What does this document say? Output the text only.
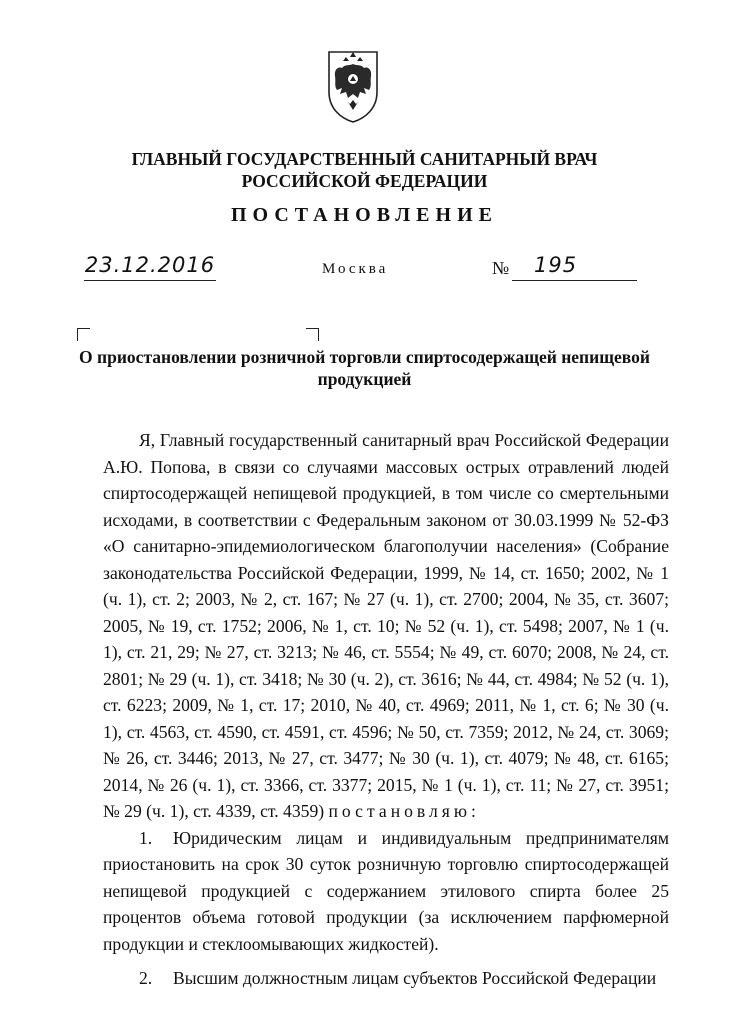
ГЛАВНЫЙ ГОСУДАРСТВЕННЫЙ САНИТАРНЫЙ ВРАЧ
РОССИЙСКОЙ ФЕДЕРАЦИИ
ПОСТАНОВЛЕНИЕ
23.12.2016	Москва	№	195
О приостановлении розничной торговли спиртосодержащей непищевой
продукцией

Я, Главный государственный санитарный врач Российской Федерации А.Ю. Попова, в связи со случаями массовых острых отравлений людей спиртосодержащей непищевой продукцией, в том числе со смертельными исходами, в соответствии с Федеральным законом от 30.03.1999 № 52-ФЗ «О санитарно-эпидемиологическом благополучии населения» (Собрание законодательства Российской Федерации, 1999, № 14, ст. 1650; 2002, № 1 (ч. 1), ст. 2; 2003, № 2, ст. 167; № 27 (ч. 1), ст. 2700; 2004, № 35, ст. 3607; 2005, № 19, ст. 1752; 2006, № 1, ст. 10; № 52 (ч. 1), ст. 5498; 2007, № 1 (ч. 1), ст. 21, 29; № 27, ст. 3213; № 46, ст. 5554; № 49, ст. 6070; 2008, № 24, ст. 2801; № 29 (ч. 1), ст. 3418; № 30 (ч. 2), ст. 3616; № 44, ст. 4984; № 52 (ч. 1), ст. 6223; 2009, № 1, ст. 17; 2010, № 40, ст. 4969; 2011, № 1, ст. 6; № 30 (ч. 1), ст. 4563, ст. 4590, ст. 4591, ст. 4596; № 50, ст. 7359; 2012, № 24, ст. 3069; № 26, ст. 3446; 2013, № 27, ст. 3477; № 30 (ч. 1), ст. 4079; № 48, ст. 6165; 2014, № 26 (ч. 1), ст. 3366, ст. 3377; 2015, № 1 (ч. 1), ст. 11; № 27, ст. 3951; № 29 (ч. 1), ст. 4339, ст. 4359) постановляю:

1. Юридическим лицам и индивидуальным предпринимателям приостановить на срок 30 суток розничную торговлю спиртосодержащей непищевой продукцией с содержанием этилового спирта более 25 процентов объема готовой продукции (за исключением парфюмерной продукции и стеклоомывающих жидкостей).

2. Высшим должностным лицам субъектов Российской Федерации
